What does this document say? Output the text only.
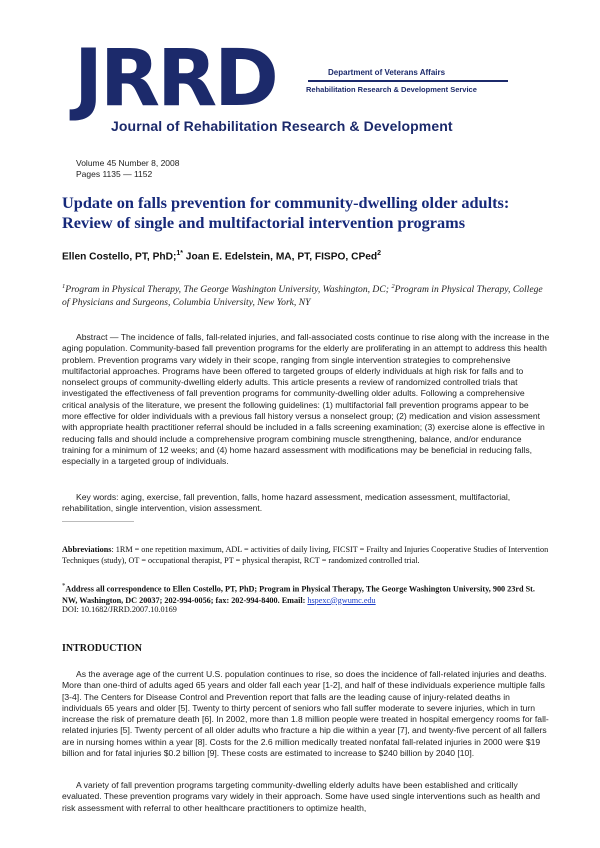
JRRD	Department of Veterans Affairs
Rehabilitation Research & Development Service
Journal of Rehabilitation Research & Development
Volume 45 Number 8, 2008
Pages 1135 — 1152
Update on falls prevention for community-dwelling older adults: Review of single and multifactorial intervention programs
Ellen Costello, PT, PhD;$^{1*}$ Joan E. Edelstein, MA, PT, FISPO, CPed$^2$
$^1$Program in Physical Therapy, The George Washington University, Washington, DC; $^2$Program in Physical Therapy, College of Physicians and Surgeons, Columbia University, New York, NY

Abstract — The incidence of falls, fall-related injuries, and fall-associated costs continue to rise along with the increase in the aging population. Community-based fall prevention programs for the elderly are proliferating in an attempt to address this health problem. Prevention programs vary widely in their scope, ranging from single intervention strategies to comprehensive multifactorial approaches. Programs have been offered to targeted groups of elderly individuals at high risk for falls and to nonselect groups of community-dwelling elderly adults. This article presents a review of randomized controlled trials that investigated the effectiveness of fall prevention programs for community-dwelling older adults. Following a comprehensive critical analysis of the literature, we present the following guidelines: (1) multifactorial fall prevention programs appear to be more effective for older individuals with a previous fall history versus a nonselect group; (2) medication and vision assessment with appropriate health practitioner referral should be included in a falls screening examination; (3) exercise alone is effective in reducing falls and should include a comprehensive program combining muscle strengthening, balance, and/or endurance training for a minimum of 12 weeks; and (4) home hazard assessment with modifications may be beneficial in reducing falls, especially in a targeted group of individuals.

Key words: aging, exercise, fall prevention, falls, home hazard assessment, medication assessment, multifactorial, rehabilitation, single intervention, vision assessment.

Abbreviations: 1RM = one repetition maximum, ADL = activities of daily living, FICSIT = Frailty and Injuries Cooperative Studies of Intervention Techniques (study), OT = occupational therapist, PT = physical therapist, RCT = randomized controlled trial.
*Address all correspondence to Ellen Costello, PT, PhD; Program in Physical Therapy, The George Washington University, 900 23rd St. NW, Washington, DC 20037; 202-994-0056; fax: 202-994-8400. Email: hspexc@gwumc.edu
DOI: 10.1682/JRRD.2007.10.0169
INTRODUCTION

As the average age of the current U.S. population continues to rise, so does the incidence of fall-related injuries and deaths. More than one-third of adults aged 65 years and older fall each year [1-2], and half of these individuals experience multiple falls [3-4]. The Centers for Disease Control and Prevention report that falls are the leading cause of injury-related deaths in individuals 65 years and older [5]. Twenty to thirty percent of seniors who fall suffer moderate to severe injuries, which in turn increase the risk of premature death [6]. In 2002, more than 1.8 million people were treated in hospital emergency rooms for fall-related injuries [5]. Twenty percent of all older adults who fracture a hip die within a year [7], and twenty-five percent of all fallers are in nursing homes within a year [8]. Costs for the 2.6 million medically treated nonfatal fall-related injuries in 2000 were $19 billion and for fatal injuries $0.2 billion [9]. These costs are estimated to increase to $240 billion by 2040 [10].

A variety of fall prevention programs targeting community-dwelling elderly adults have been established and critically evaluated. These prevention programs vary widely in their approach. Some have used single interventions such as health and risk assessment with referral to other healthcare practitioners to optimize health,
